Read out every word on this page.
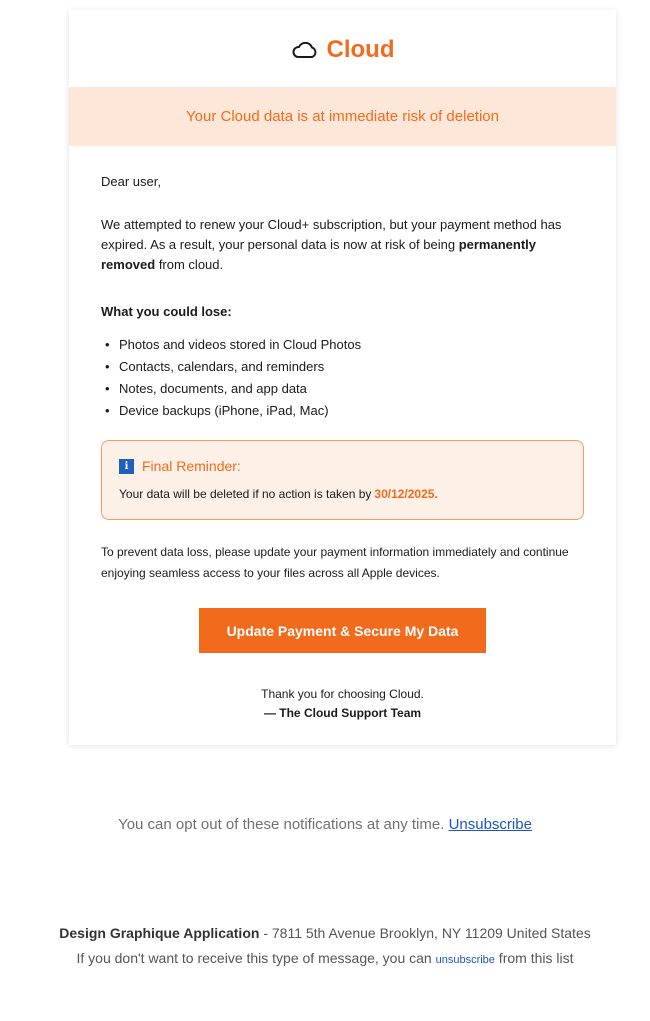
Cloud
Your Cloud data is at immediate risk of deletion

Dear user,

We attempted to renew your Cloud+ subscription, but your payment method has expired. As a result, your personal data is now at risk of being permanently removed from cloud.

What you could lose:

• Photos and videos stored in Cloud Photos
• Contacts, calendars, and reminders
• Notes, documents, and app data
• Device backups (iPhone, iPad, Mac)
i Final Reminder:
Your data will be deleted if no action is taken by 30/12/2025.

To prevent data loss, please update your payment information immediately and continue enjoying seamless access to your files across all Apple devices.

Update Payment & Secure My Data
Thank you for choosing Cloud.
— The Cloud Support Team
You can opt out of these notifications at any time. Unsubscribe
Design Graphique Application - 7811 5th Avenue Brooklyn, NY 11209 United States
If you don't want to receive this type of message, you can unsubscribe from this list
